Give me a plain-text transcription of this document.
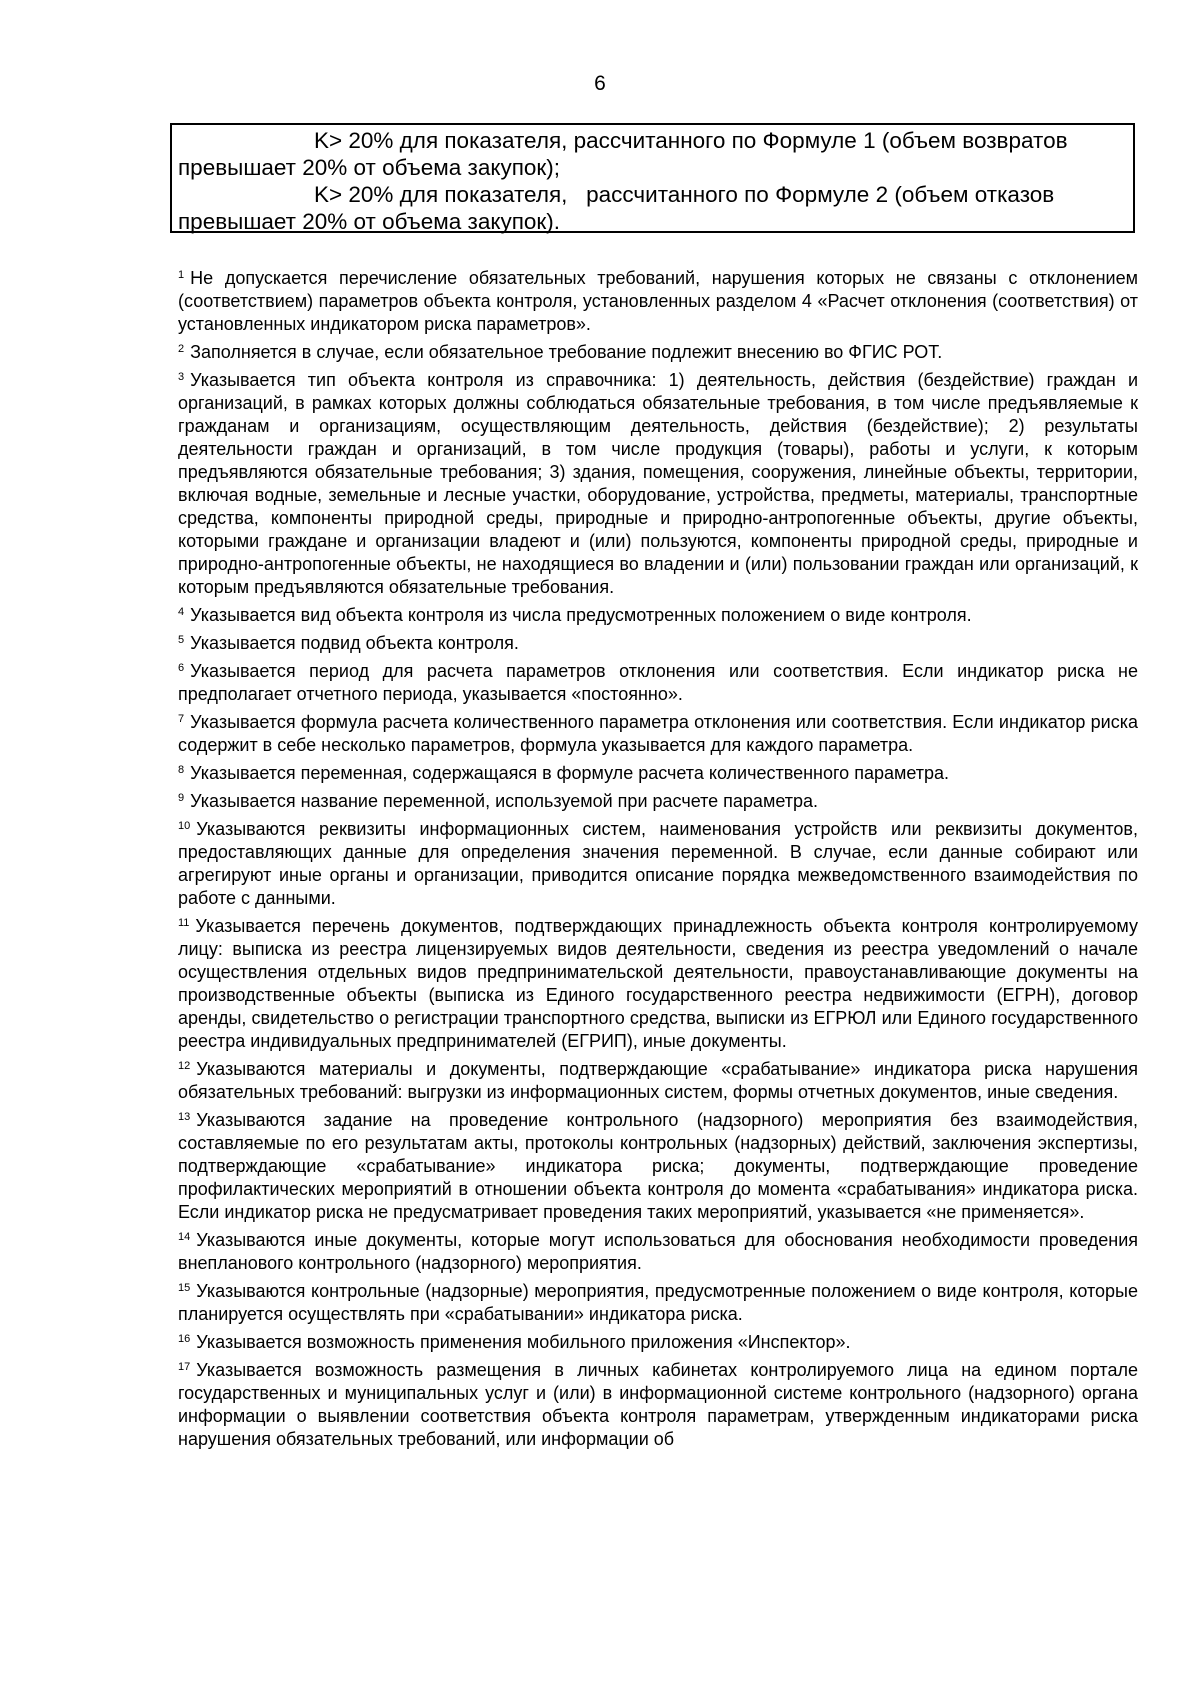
6
K> 20% для показателя, рассчитанного по Формуле 1 (объем возвратов
превышает 20% от объема закупок);
K> 20% для показателя,   рассчитанного по Формуле 2 (объем отказов
превышает 20% от объема закупок).

$^1$ Не допускается перечисление обязательных требований, нарушения которых не связаны с отклонением (соответствием) параметров объекта контроля, установленных разделом 4 «Расчет отклонения (соответствия) от установленных индикатором риска параметров».

$^2$ Заполняется в случае, если обязательное требование подлежит внесению во ФГИС РОТ.

$^3$ Указывается тип объекта контроля из справочника: 1) деятельность, действия (бездействие) граждан и организаций, в рамках которых должны соблюдаться обязательные требования, в том числе предъявляемые к гражданам и организациям, осуществляющим деятельность, действия (бездействие); 2) результаты деятельности граждан и организаций, в том числе продукция (товары), работы и услуги, к которым предъявляются обязательные требования; 3) здания, помещения, сооружения, линейные объекты, территории, включая водные, земельные и лесные участки, оборудование, устройства, предметы, материалы, транспортные средства, компоненты природной среды, природные и природно-антропогенные объекты, другие объекты, которыми граждане и организации владеют и (или) пользуются, компоненты природной среды, природные и природно-антропогенные объекты, не находящиеся во владении и (или) пользовании граждан или организаций, к которым предъявляются обязательные требования.

$^4$ Указывается вид объекта контроля из числа предусмотренных положением о виде контроля.

$^5$ Указывается подвид объекта контроля.

$^6$ Указывается период для расчета параметров отклонения или соответствия. Если индикатор риска не предполагает отчетного периода, указывается «постоянно».

$^7$ Указывается формула расчета количественного параметра отклонения или соответствия. Если индикатор риска содержит в себе несколько параметров, формула указывается для каждого параметра.

$^8$ Указывается переменная, содержащаяся в формуле расчета количественного параметра.

$^9$ Указывается название переменной, используемой при расчете параметра.

$^{10}$ Указываются реквизиты информационных систем, наименования устройств или реквизиты документов, предоставляющих данные для определения значения переменной. В случае, если данные собирают или агрегируют иные органы и организации, приводится описание порядка межведомственного взаимодействия по работе с данными.

$^{11}$ Указывается перечень документов, подтверждающих принадлежность объекта контроля контролируемому лицу: выписка из реестра лицензируемых видов деятельности, сведения из реестра уведомлений о начале осуществления отдельных видов предпринимательской деятельности, правоустанавливающие документы на производственные объекты (выписка из Единого государственного реестра недвижимости (ЕГРН), договор аренды, свидетельство о регистрации транспортного средства, выписки из ЕГРЮЛ или Единого государственного реестра индивидуальных предпринимателей (ЕГРИП), иные документы.

$^{12}$ Указываются материалы и документы, подтверждающие «срабатывание» индикатора риска нарушения обязательных требований: выгрузки из информационных систем, формы отчетных документов, иные сведения.

$^{13}$ Указываются задание на проведение контрольного (надзорного) мероприятия без взаимодействия, составляемые по его результатам акты, протоколы контрольных (надзорных) действий, заключения экспертизы, подтверждающие «срабатывание» индикатора риска; документы, подтверждающие проведение профилактических мероприятий в отношении объекта контроля до момента «срабатывания» индикатора риска. Если индикатор риска не предусматривает проведения таких мероприятий, указывается «не применяется».

$^{14}$ Указываются иные документы, которые могут использоваться для обоснования необходимости проведения внепланового контрольного (надзорного) мероприятия.

$^{15}$ Указываются контрольные (надзорные) мероприятия, предусмотренные положением о виде контроля, которые планируется осуществлять при «срабатывании» индикатора риска.

$^{16}$ Указывается возможность применения мобильного приложения «Инспектор».

$^{17}$ Указывается возможность размещения в личных кабинетах контролируемого лица на едином портале государственных и муниципальных услуг и (или) в информационной системе контрольного (надзорного) органа информации о выявлении соответствия объекта контроля параметрам, утвержденным индикаторами риска нарушения обязательных требований, или информации об
